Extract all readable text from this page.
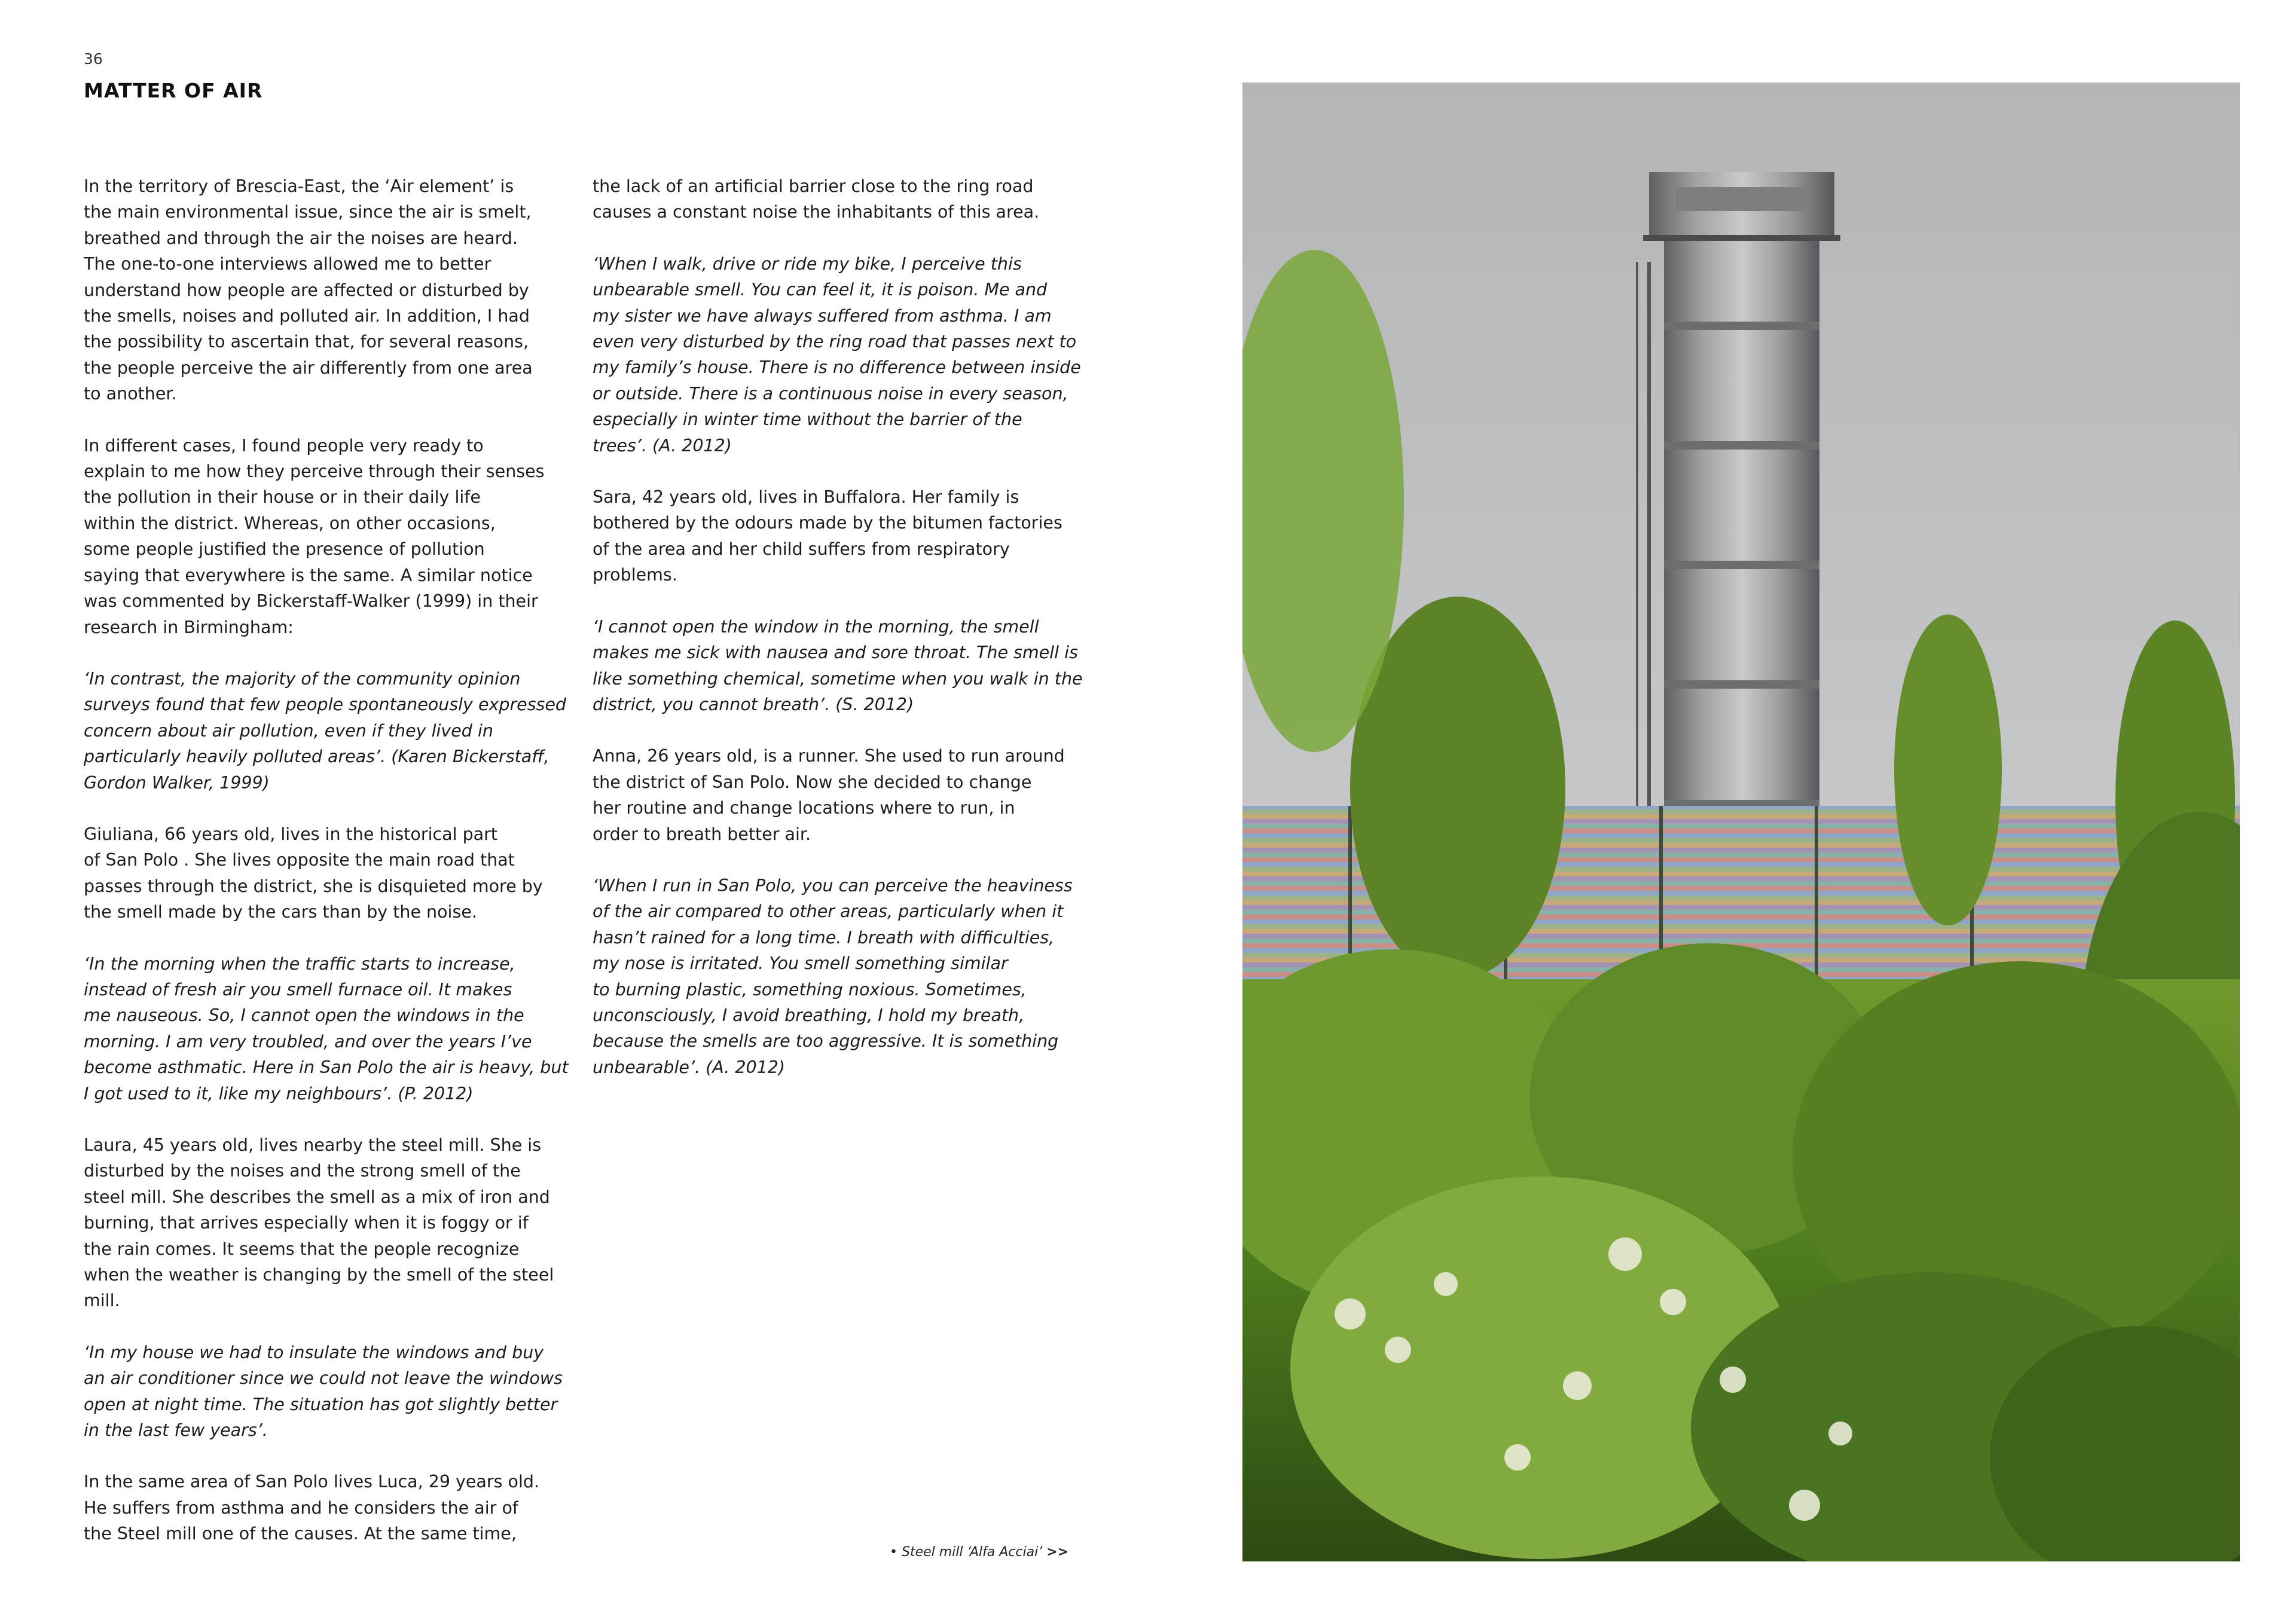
36
MATTER OF AIR

In the territory of Brescia-East, the ‘Air element’ is
the main environmental issue, since the air is smelt,
breathed and through the air the noises are heard.
The one-to-one interviews allowed me to better
understand how people are affected or disturbed by
the smells, noises and polluted air. In addition, I had
the possibility to ascertain that, for several reasons,
the people perceive the air differently from one area
to another.

In different cases, I found people very ready to
explain to me how they perceive through their senses
the pollution in their house or in their daily life
within the district. Whereas, on other occasions,
some people justified the presence of pollution
saying that everywhere is the same. A similar notice
was commented by Bickerstaff-Walker (1999) in their
research in Birmingham:

‘In contrast, the majority of the community opinion
surveys found that few people spontaneously expressed
concern about air pollution, even if they lived in
particularly heavily polluted areas’. (Karen Bickerstaff,
Gordon Walker, 1999)

Giuliana, 66 years old, lives in the historical part
of San Polo . She lives opposite the main road that
passes through the district, she is disquieted more by
the smell made by the cars than by the noise.

‘In the morning when the traffic starts to increase,
instead of fresh air you smell furnace oil. It makes
me nauseous. So, I cannot open the windows in the
morning. I am very troubled, and over the years I’ve
become asthmatic. Here in San Polo the air is heavy, but
I got used to it, like my neighbours’. (P. 2012)

Laura, 45 years old, lives nearby the steel mill. She is
disturbed by the noises and the strong smell of the
steel mill. She describes the smell as a mix of iron and
burning, that arrives especially when it is foggy or if
the rain comes. It seems that the people recognize
when the weather is changing by the smell of the steel
mill.

‘In my house we had to insulate the windows and buy
an air conditioner since we could not leave the windows
open at night time. The situation has got slightly better
in the last few years’.

In the same area of San Polo lives Luca, 29 years old.
He suffers from asthma and he considers the air of
the Steel mill one of the causes. At the same time,

the lack of an artificial barrier close to the ring road
causes a constant noise the inhabitants of this area.

‘When I walk, drive or ride my bike, I perceive this
unbearable smell. You can feel it, it is poison. Me and
my sister we have always suffered from asthma. I am
even very disturbed by the ring road that passes next to
my family’s house. There is no difference between inside
or outside. There is a continuous noise in every season,
especially in winter time without the barrier of the
trees’. (A. 2012)

Sara, 42 years old, lives in Buffalora. Her family is
bothered by the odours made by the bitumen factories
of the area and her child suffers from respiratory
problems.

‘I cannot open the window in the morning, the smell
makes me sick with nausea and sore throat. The smell is
like something chemical, sometime when you walk in the
district, you cannot breath’. (S. 2012)

Anna, 26 years old, is a runner. She used to run around
the district of San Polo. Now she decided to change
her routine and change locations where to run, in
order to breath better air.

‘When I run in San Polo, you can perceive the heaviness
of the air compared to other areas, particularly when it
hasn’t rained for a long time. I breath with difficulties,
my nose is irritated. You smell something similar
to burning plastic, something noxious. Sometimes,
unconsciously, I avoid breathing, I hold my breath,
because the smells are too aggressive. It is something
unbearable’. (A. 2012)

• Steel mill ‘Alfa Acciai’ >>
